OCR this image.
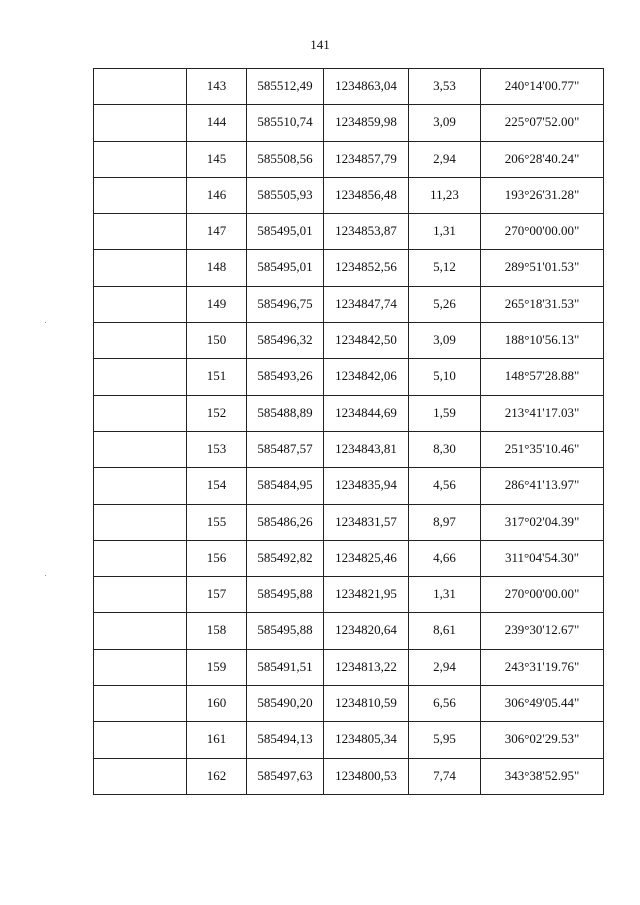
141
	143	585512,49	1234863,04	3,53	240°14'00.77"
	144	585510,74	1234859,98	3,09	225°07'52.00"
	145	585508,56	1234857,79	2,94	206°28'40.24"
	146	585505,93	1234856,48	11,23	193°26'31.28"
	147	585495,01	1234853,87	1,31	270°00'00.00"
	148	585495,01	1234852,56	5,12	289°51'01.53"
	149	585496,75	1234847,74	5,26	265°18'31.53"
	150	585496,32	1234842,50	3,09	188°10'56.13"
	151	585493,26	1234842,06	5,10	148°57'28.88"
	152	585488,89	1234844,69	1,59	213°41'17.03"
	153	585487,57	1234843,81	8,30	251°35'10.46"
	154	585484,95	1234835,94	4,56	286°41'13.97"
	155	585486,26	1234831,57	8,97	317°02'04.39"
	156	585492,82	1234825,46	4,66	311°04'54.30"
	157	585495,88	1234821,95	1,31	270°00'00.00"
	158	585495,88	1234820,64	8,61	239°30'12.67"
	159	585491,51	1234813,22	2,94	243°31'19.76"
	160	585490,20	1234810,59	6,56	306°49'05.44"
	161	585494,13	1234805,34	5,95	306°02'29.53"
	162	585497,63	1234800,53	7,74	343°38'52.95"
